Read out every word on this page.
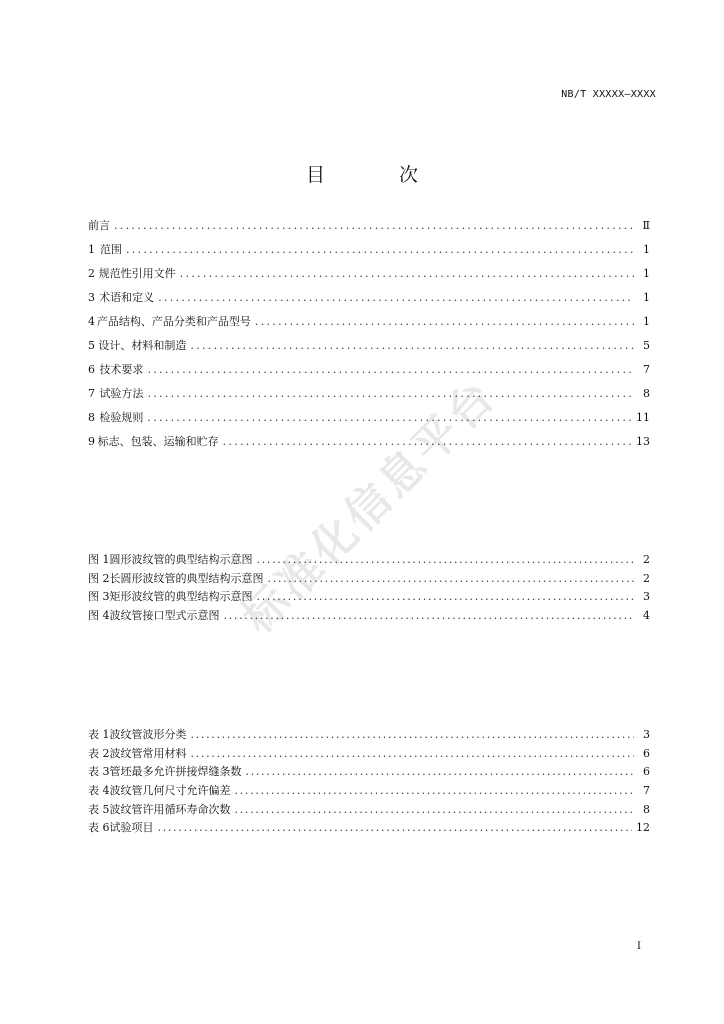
NB/T XXXXX—XXXX
目 次
标准化信息平台
前言 . . .	Ⅱ
1 范围 . . .	1
2 规范性引用文件 . . .	1
3 术语和定义 . . .	1
4 产品结构、产品分类和产品型号 . . .	1
5 设计、材料和制造 . . .	5
6 技术要求 . . .	7
7 试验方法 . . .	8
8 检验规则 . . .	11
9 标志、包装、运输和贮存 . . .	13
图 1 圆形波纹管的典型结构示意图 .....	2
图 2 长圆形波纹管的典型结构示意图 .....	2
图 3 矩形波纹管的典型结构示意图 .....	3
图 4 波纹管接口型式示意图 .....	4
表 1 波纹管波形分类 .....	3
表 2 波纹管常用材料 .....	6
表 3 管坯最多允许拼接焊缝条数 .....	6
表 4 波纹管几何尺寸允许偏差 .....	7
表 5 波纹管许用循环寿命次数 .....	8
表 6 试验项目 .....	12
I
